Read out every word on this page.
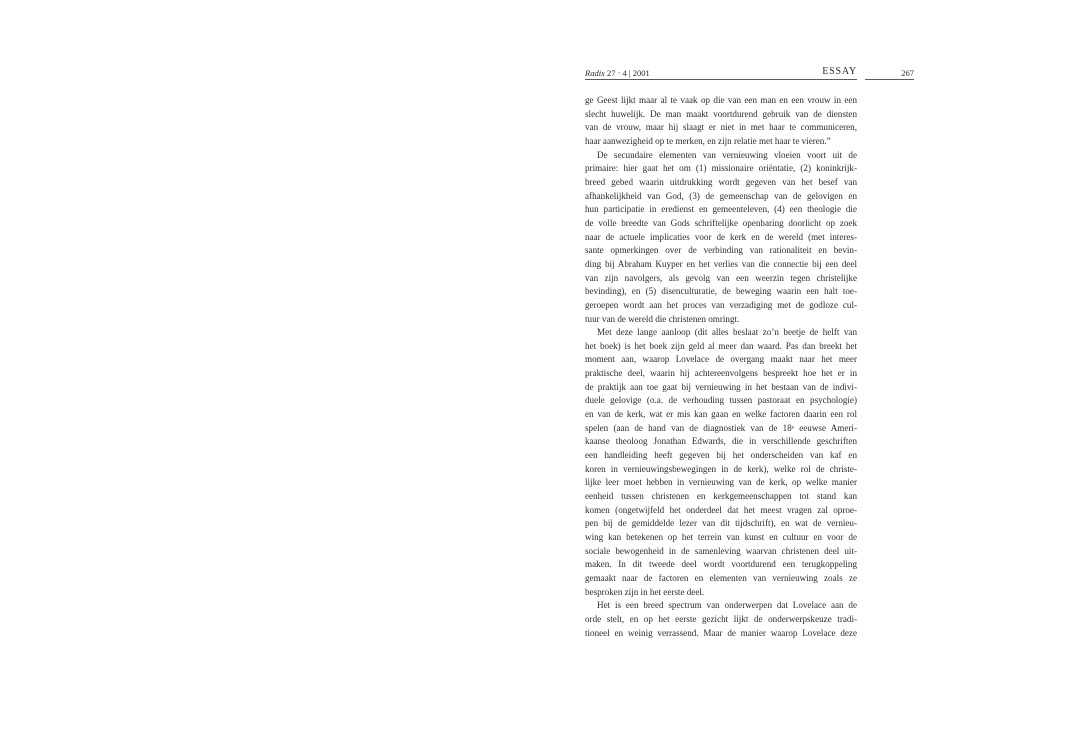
Radix 27 · 4 | 2001	ESSAY	267
ge Geest lijkt maar al te vaak op die van een man en een vrouw in een
slecht huwelijk. De man maakt voortdurend gebruik van de diensten
van de vrouw, maar hij slaagt er niet in met haar te communiceren,
haar aanwezigheid op te merken, en zijn relatie met haar te vieren.”
De secundaire elementen van vernieuwing vloeien voort uit de
primaire: hier gaat het om (1) missionaire oriëntatie, (2) koninkrijk-
breed gebed waarin uitdrukking wordt gegeven van het besef van
afhankelijkheid van God, (3) de gemeenschap van de gelovigen en
hun participatie in eredienst en gemeenteleven, (4) een theologie die
de volle breedte van Gods schriftelijke openbaring doorlicht op zoek
naar de actuele implicaties voor de kerk en de wereld (met interes-
sante opmerkingen over de verbinding van rationaliteit en bevin-
ding bij Abraham Kuyper en het verlies van die connectie bij een deel
van zijn navolgers, als gevolg van een weerzin tegen christelijke
bevinding), en (5) disenculturatie, de beweging waarin een halt toe-
geroepen wordt aan het proces van verzadiging met de godloze cul-
tuur van de wereld die christenen omringt.
Met deze lange aanloop (dit alles beslaat zo’n beetje de helft van
het boek) is het boek zijn geld al meer dan waard. Pas dan breekt het
moment aan, waarop Lovelace de overgang maakt naar het meer
praktische deel, waarin hij achtereenvolgens bespreekt hoe het er in
de praktijk aan toe gaat bij vernieuwing in het bestaan van de indivi-
duele gelovige (o.a. de verhouding tussen pastoraat en psychologie)
en van de kerk, wat er mis kan gaan en welke factoren daarin een rol
spelen (aan de hand van de diagnostiek van de 18ᵉ eeuwse Ameri-
kaanse theoloog Jonathan Edwards, die in verschillende geschriften
een handleiding heeft gegeven bij het onderscheiden van kaf en
koren in vernieuwingsbewegingen in de kerk), welke rol de christe-
lijke leer moet hebben in vernieuwing van de kerk, op welke manier
eenheid tussen christenen en kerkgemeenschappen tot stand kan
komen (ongetwijfeld het onderdeel dat het meest vragen zal oproe-
pen bij de gemiddelde lezer van dit tijdschrift), en wat de vernieu-
wing kan betekenen op het terrein van kunst en cultuur en voor de
sociale bewogenheid in de samenleving waarvan christenen deel uit-
maken. In dit tweede deel wordt voortdurend een terugkoppeling
gemaakt naar de factoren en elementen van vernieuwing zoals ze
besproken zijn in het eerste deel.
Het is een breed spectrum van onderwerpen dat Lovelace aan de
orde stelt, en op het eerste gezicht lijkt de onderwerpskeuze tradi-
tioneel en weinig verrassend. Maar de manier waarop Lovelace deze
